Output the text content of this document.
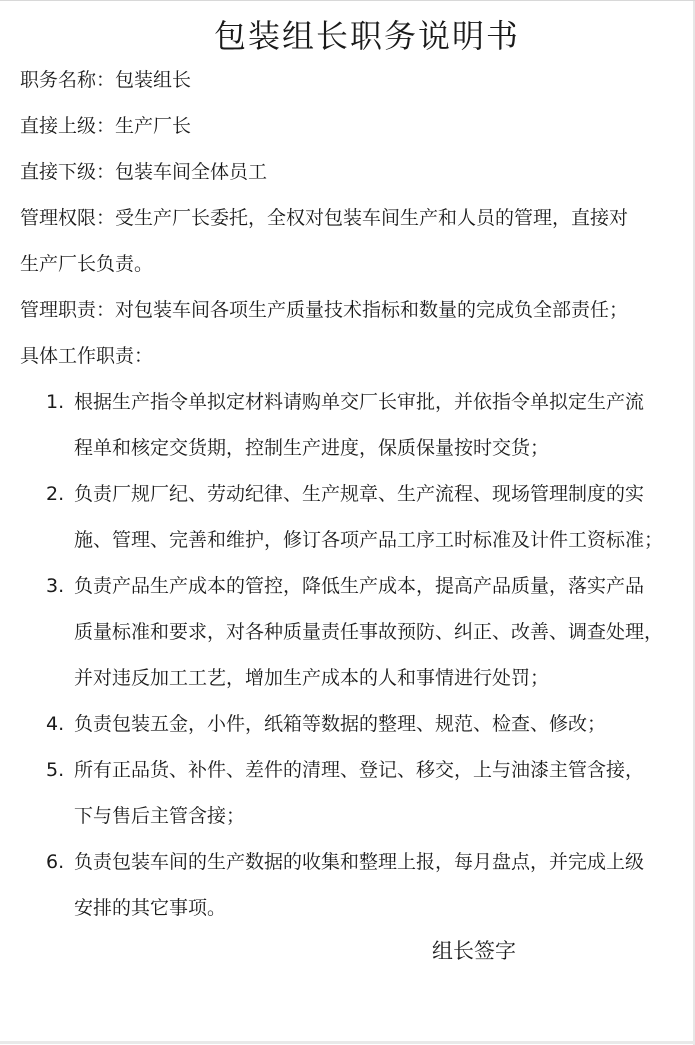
包装组长职务说明书
职务名称：包装组长
直接上级：生产厂长
直接下级：包装车间全体员工
管理权限：受生产厂长委托，全权对包装车间生产和人员的管理，直接对
生产厂长负责。
管理职责：对包装车间各项生产质量技术指标和数量的完成负全部责任；
具体工作职责：
1. 根据生产指令单拟定材料请购单交厂长审批，并依指令单拟定生产流
程单和核定交货期，控制生产进度，保质保量按时交货；
2. 负责厂规厂纪、劳动纪律、生产规章、生产流程、现场管理制度的实
施、管理、完善和维护，修订各项产品工序工时标准及计件工资标准；
3. 负责产品生产成本的管控，降低生产成本，提高产品质量，落实产品
质量标准和要求，对各种质量责任事故预防、纠正、改善、调查处理，
并对违反加工工艺，增加生产成本的人和事情进行处罚；
4. 负责包装五金，小件，纸箱等数据的整理、规范、检查、修改；
5. 所有正品货、补件、差件的清理、登记、移交，上与油漆主管含接，
下与售后主管含接；
6. 负责包装车间的生产数据的收集和整理上报，每月盘点，并完成上级
安排的其它事项。
组长签字
